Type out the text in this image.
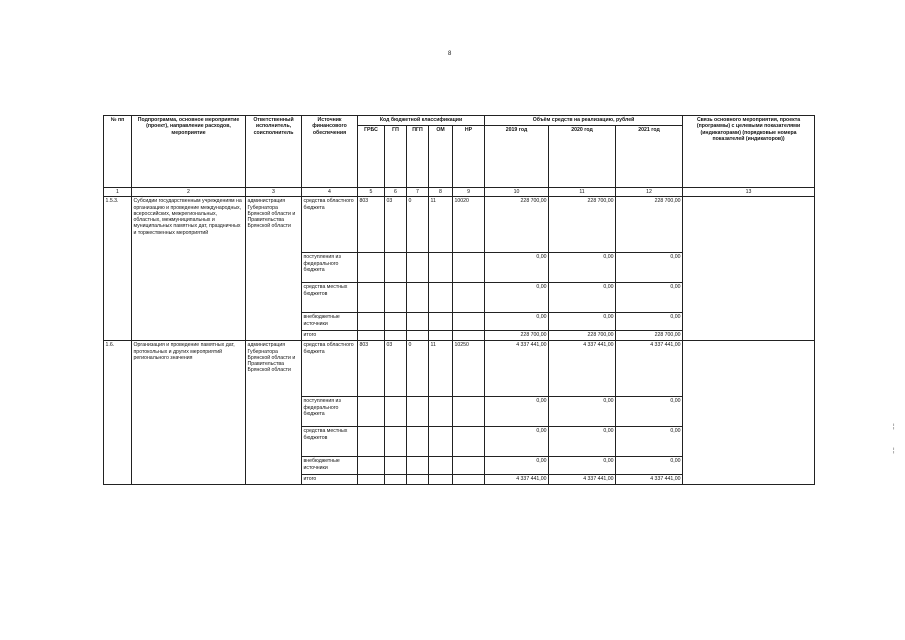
8
№ пп	Подпрограмма, основное мероприятие (проект), направление расходов, мероприятие	Ответственный исполнитель, соисполнитель	Источник финансового обеспечения	Код бюджетной классификации					Объём средств на реализацию, рублей			Связь основного мероприятия, проекта (программы) с целевыми показателями (индикаторами) (порядковые номера показателей (индикаторов))
				ГРБС	ГП	ПГП	ОМ	НР	2019 год	2020 год	2021 год	
1	2	3	4	5	6	7	8	9	10	11	12	13
1.5.3.	Субсидии государственным учреждениям на организацию и проведение международных, всероссийских, межрегиональных, областных, межмуниципальных и муниципальных памятных дат, праздничных и торжественных мероприятий	администрация Губернатора Брянской области и Правительства Брянской области	средства областного бюджета	803	03	0	11	10020	228 700,00	228 700,00	228 700,00	
			поступления из федерального бюджета						0,00	0,00	0,00	
			средства местных бюджетов						0,00	0,00	0,00	
			внебюджетные источники						0,00	0,00	0,00	
			итого						228 700,00	228 700,00	228 700,00	
1.6.	Организация и проведение памятных дат, протокольных и других мероприятий регионального значения	администрация Губернатора Брянской области и Правительства Брянской области	средства областного бюджета	803	03	0	11	10250	4 337 441,00	4 337 441,00	4 337 441,00	
			поступления из федерального бюджета						0,00	0,00	0,00	
			средства местных бюджетов						0,00	0,00	0,00	
			внебюджетные источники						0,00	0,00	0,00	
			итого						4 337 441,00	4 337 441,00	4 337 441,00	
¦
¦
